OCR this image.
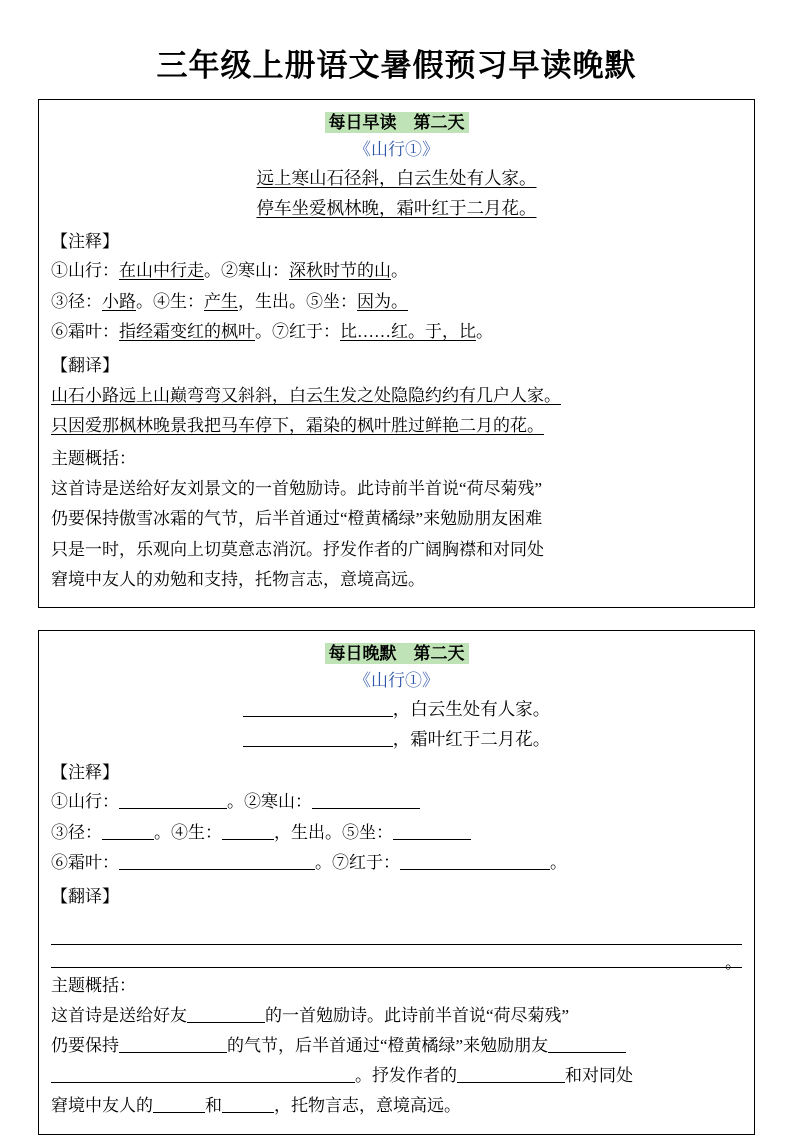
三年级上册语文暑假预习早读晚默
每日早读　第二天
《山行①》
远上寒山石径斜，白云生处有人家。
停车坐爱枫林晚，霜叶红于二月花。
【注释】
①山行：在山中行走。②寒山：深秋时节的山。
③径：小路。④生：产生，生出。⑤坐：因为。
⑥霜叶：指经霜变红的枫叶。⑦红于：比……红。于，比。
【翻译】
山石小路远上山巅弯弯又斜斜，白云生发之处隐隐约约有几户人家。
只因爱那枫林晚景我把马车停下，霜染的枫叶胜过鲜艳二月的花。
主题概括：
这首诗是送给好友刘景文的一首勉励诗。此诗前半首说“荷尽菊残”
仍要保持傲雪冰霜的气节，后半首通过“橙黄橘绿”来勉励朋友困难
只是一时，乐观向上切莫意志消沉。抒发作者的广阔胸襟和对同处
窘境中友人的劝勉和支持，托物言志，意境高远。
每日晚默　第二天
《山行①》
，白云生处有人家。
，霜叶红于二月花。
【注释】
①山行：	。②寒山：
③径：	。④生：	，生出。⑤坐：
⑥霜叶：	。⑦红于：	。
【翻译】
。
主题概括：
这首诗是送给好友	的一首勉励诗。此诗前半首说“荷尽菊残”
仍要保持	的气节，后半首通过“橙黄橘绿”来勉励朋友
。抒发作者的	和对同处
窘境中友人的	和	，托物言志，意境高远。
